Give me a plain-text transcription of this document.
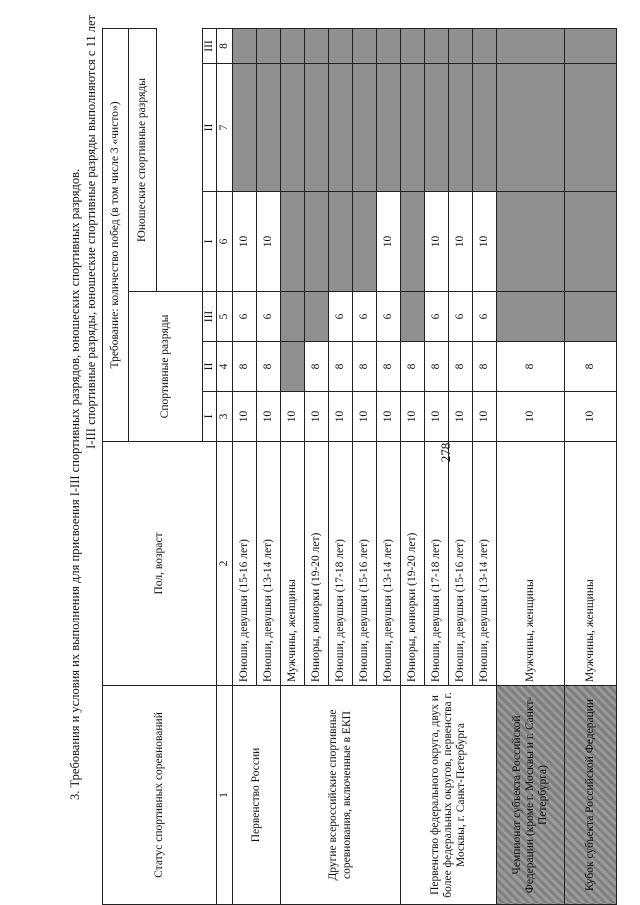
278
3. Требования и условия их выполнения для присвоения I-III спортивных разрядов, юношеских спортивных разрядов. I-III спортивные разряды, юношеские спортивные разряды выполняются с 11 лет
Статус спортивных соревнований	Пол, возраст	Требование: количество побед (в том числе 3 «чисто»)					
		Спортивные разряды			Юношеские спортивные разряды		

		I	II	III	I	II	III
1	2	3	4	5	6	7	8
Первенство России	Юноши, девушки (15-16 лет)	10	8	6	10		
	Юноши, девушки (13-14 лет)	10	8	6	10		
Другие всероссийские спортивные соревнования, включенные в ЕКП	Мужчины, женщины	10					
	Юниоры, юниорки (19-20 лет)	10	8				
	Юноши, девушки (17-18 лет)	10	8	6			
	Юноши, девушки (15-16 лет)	10	8	6			
	Юноши, девушки (13-14 лет)	10	8	6	10		
Первенство федерального округа, двух и более федеральных округов, первенства г. Москвы, г. Санкт-Петербурга	Юниоры, юниорки (19-20 лет)	10	8				
	Юноши, девушки (17-18 лет)	10	8	6	10		
	Юноши, девушки (15-16 лет)	10	8	6	10		
	Юноши, девушки (13-14 лет)	10	8	6	10		
Чемпионат субъекта Российской Федерации (кроме г. Москвы и г. Санкт-Петербурга)	Мужчины, женщины	10	8				
Кубок субъекта Российской Федерации	Мужчины, женщины	10	8				
